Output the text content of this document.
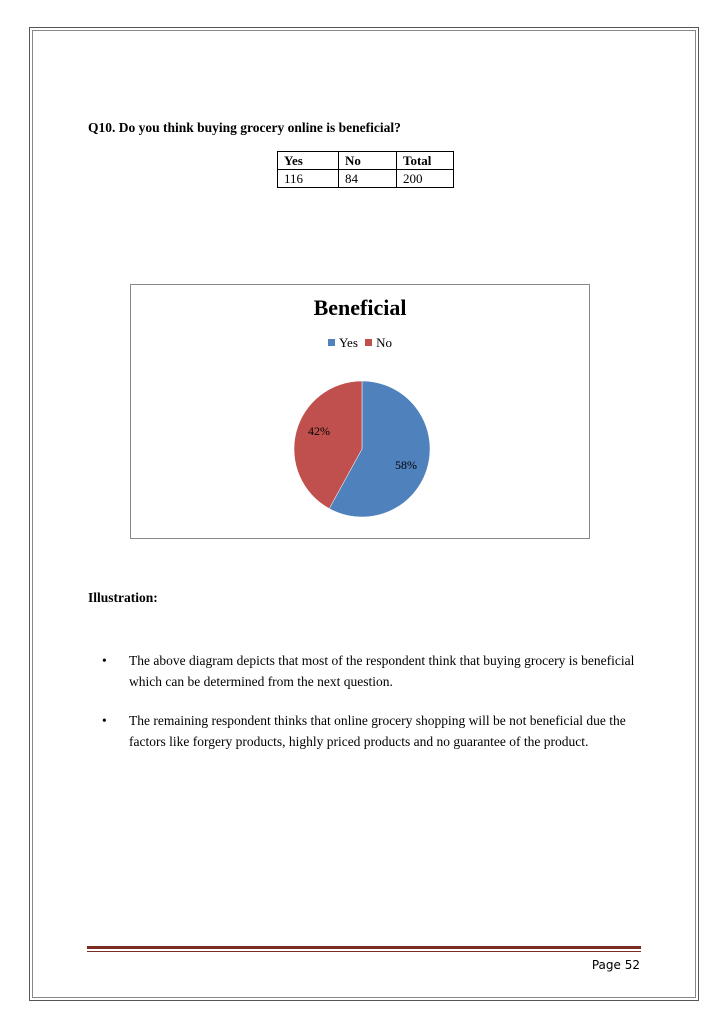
Q10. Do you think buying grocery online is beneficial?
Yes	No	Total
116	84	200
Beneficial
Yes No
58%
42%
Illustration:
• The above diagram depicts that most of the respondent think that buying grocery is beneficial which can be determined from the next question.
• The remaining respondent thinks that online grocery shopping will be not beneficial due the factors like forgery products, highly priced products and no guarantee of the product.
Page 52
